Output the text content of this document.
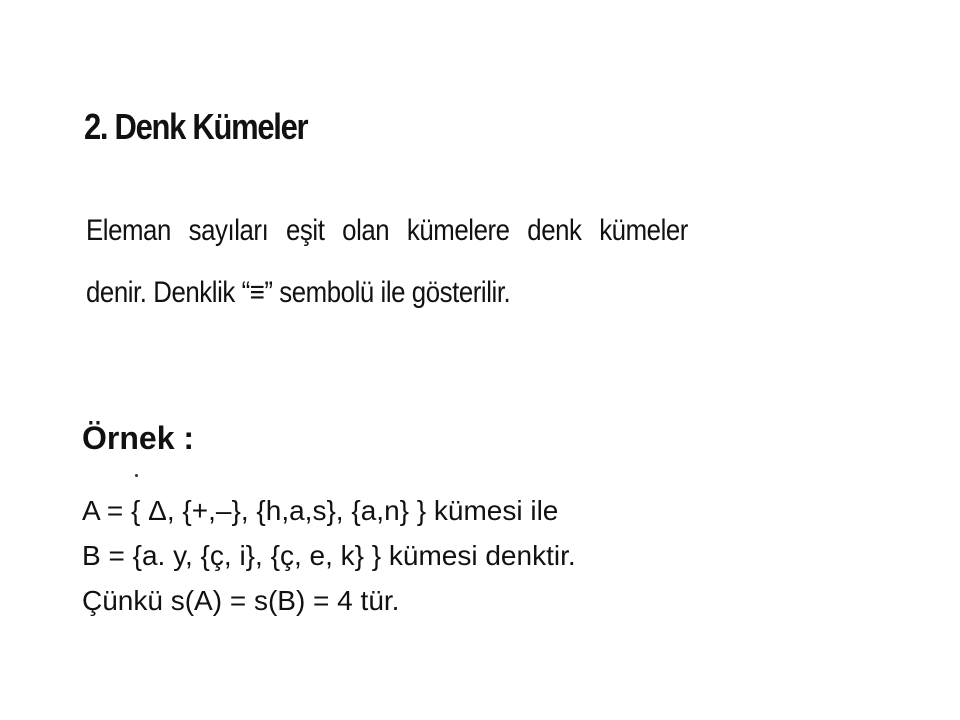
2. Denk Kümeler
Eleman sayıları eşit olan kümelere denk kümeler
denir. Denklik “≡” sembolü ile gösterilir.
Örnek :
A = { Δ, {+,–}, {h,a,s}, {a,n} } kümesi ile
B = {a. y, {ç, i}, {ç, e, k} } kümesi denktir.
Çünkü s(A) = s(B) = 4 tür.
